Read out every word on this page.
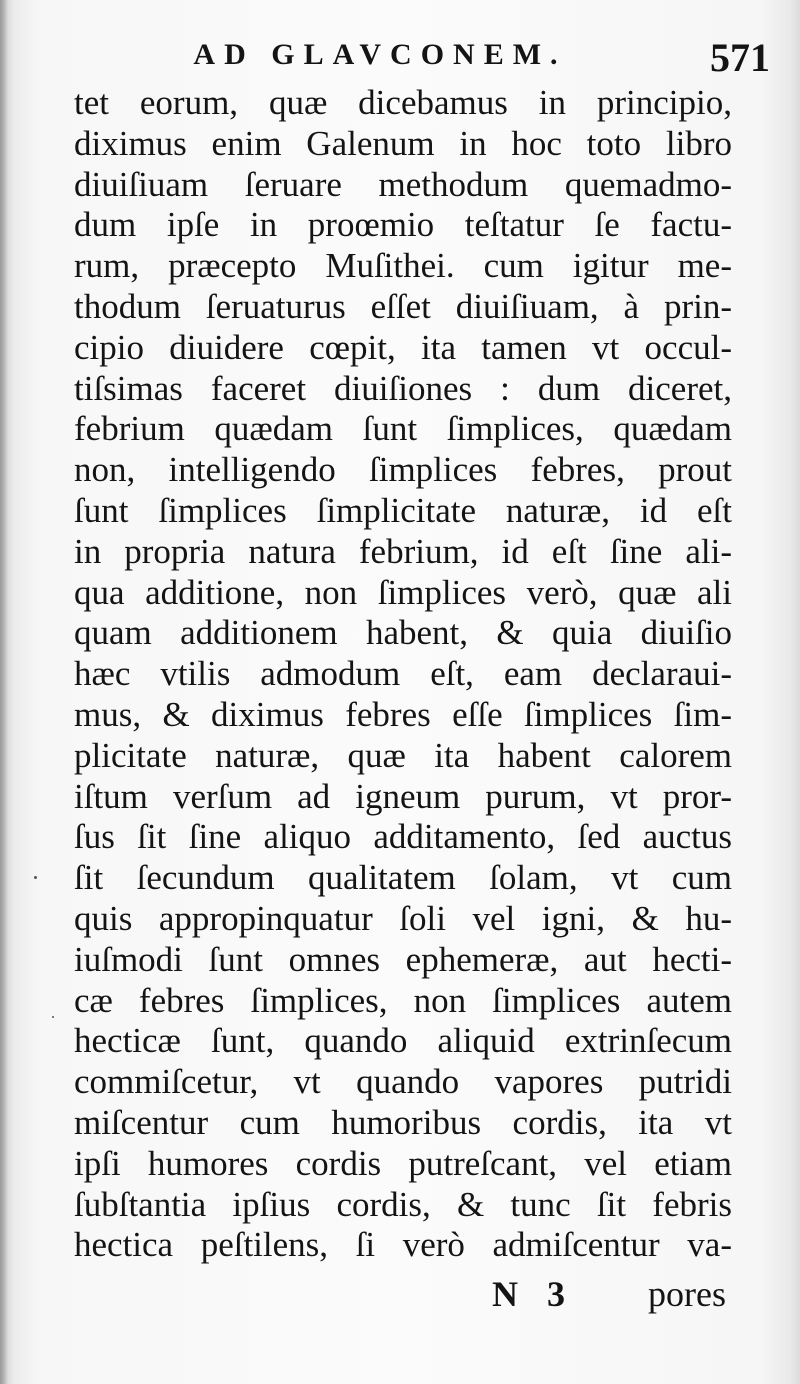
AD GLAVCONEM.	571
tet eorum, quæ dicebamus in principio,
diximus enim Galenum in hoc toto libro
diuiſiuam ſeruare methodum quemadmo-
dum ipſe in proœmio teſtatur ſe factu-
rum, præcepto Muſithei. cum igitur me-
thodum ſeruaturus eſſet diuiſiuam, à prin-
cipio diuidere cœpit, ita tamen vt occul-
tiſsimas faceret diuiſiones : dum diceret,
febrium quædam ſunt ſimplices, quædam
non, intelligendo ſimplices febres, prout
ſunt ſimplices ſimplicitate naturæ, id eſt
in propria natura febrium, id eſt ſine ali-
qua additione, non ſimplices verò, quæ ali
quam additionem habent, & quia diuiſio
hæc vtilis admodum eſt, eam declaraui-
mus, & diximus febres eſſe ſimplices ſim-
plicitate naturæ, quæ ita habent calorem
iſtum verſum ad igneum purum, vt pror-
ſus ſit ſine aliquo additamento, ſed auctus
ſit ſecundum qualitatem ſolam, vt cum
quis appropinquatur ſoli vel igni, & hu-
iuſmodi ſunt omnes ephemeræ, aut hecti-
cæ febres ſimplices, non ſimplices autem
hecticæ ſunt, quando aliquid extrinſecum
commiſcetur, vt quando vapores putridi
miſcentur cum humoribus cordis, ita vt
ipſi humores cordis putreſcant, vel etiam
ſubſtantia ipſius cordis, & tunc ſit febris
hectica peſtilens, ſi verò admiſcentur va-
N 3 pores
